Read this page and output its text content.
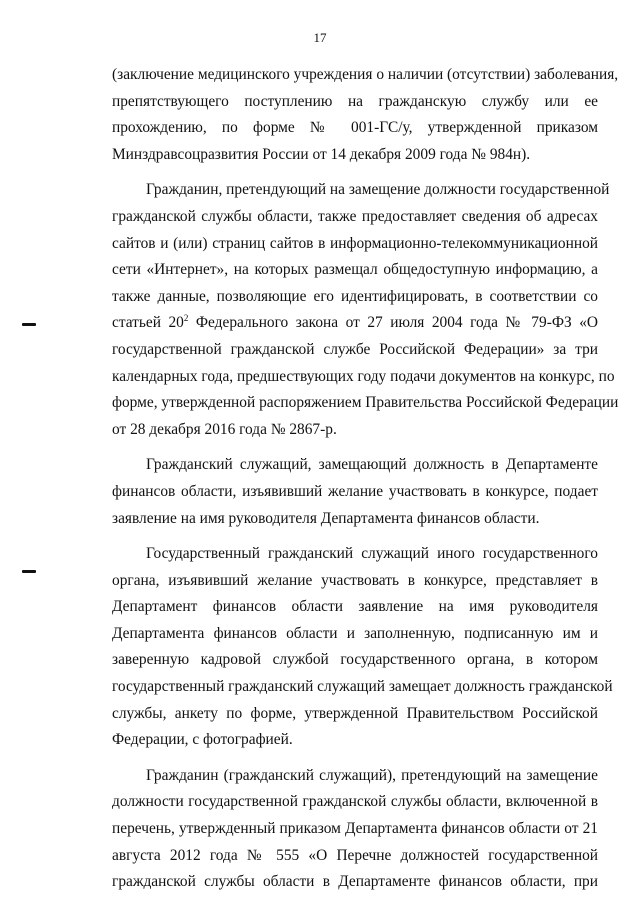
17
(заключение медицинского учреждения о наличии (отсутствии) заболевания,
препятствующего поступлению на гражданскую службу или ее
прохождению, по форме № 001-ГС/у, утвержденной приказом
Минздравсоцразвития России от 14 декабря 2009 года № 984н).
Гражданин, претендующий на замещение должности государственной
гражданской службы области, также предоставляет сведения об адресах
сайтов и (или) страниц сайтов в информационно-телекоммуникационной
сети «Интернет», на которых размещал общедоступную информацию, а
также данные, позволяющие его идентифицировать, в соответствии со
статьей $20^2$ Федерального закона от 27 июля 2004 года № 79-ФЗ «О
государственной гражданской службе Российской Федерации» за три
календарных года, предшествующих году подачи документов на конкурс, по
форме, утвержденной распоряжением Правительства Российской Федерации
от 28 декабря 2016 года № 2867-р.
Гражданский служащий, замещающий должность в Департаменте
финансов области, изъявивший желание участвовать в конкурсе, подает
заявление на имя руководителя Департамента финансов области.
Государственный гражданский служащий иного государственного
органа, изъявивший желание участвовать в конкурсе, представляет в
Департамент финансов области заявление на имя руководителя
Департамента финансов области и заполненную, подписанную им и
заверенную кадровой службой государственного органа, в котором
государственный гражданский служащий замещает должность гражданской
службы, анкету по форме, утвержденной Правительством Российской
Федерации, с фотографией.
Гражданин (гражданский служащий), претендующий на замещение
должности государственной гражданской службы области, включенной в
перечень, утвержденный приказом Департамента финансов области от 21
августа 2012 года № 555 «О Перечне должностей государственной
гражданской службы области в Департаменте финансов области, при
